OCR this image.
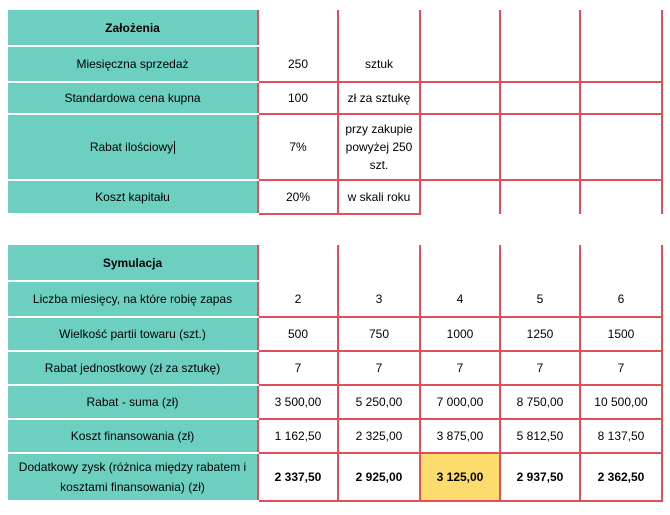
Założenia					
Miesięczna sprzedaż	250	sztuk			
Standardowa cena kupna	100	zł za sztukę			
Rabat ilościowy	7%	przy zakupie powyżej 250 szt.			
Koszt kapitału	20%	w skali roku			
Symulacja					
Liczba miesięcy, na które robię zapas	2	3	4	5	6
Wielkość partii towaru (szt.)	500	750	1000	1250	1500
Rabat jednostkowy (zł za sztukę)	7	7	7	7	7
Rabat - suma (zł)	3 500,00	5 250,00	7 000,00	8 750,00	10 500,00
Koszt finansowania (zł)	1 162,50	2 325,00	3 875,00	5 812,50	8 137,50
Dodatkowy zysk (różnica między rabatem i kosztami finansowania) (zł)	2 337,50	2 925,00	3 125,00	2 937,50	2 362,50
